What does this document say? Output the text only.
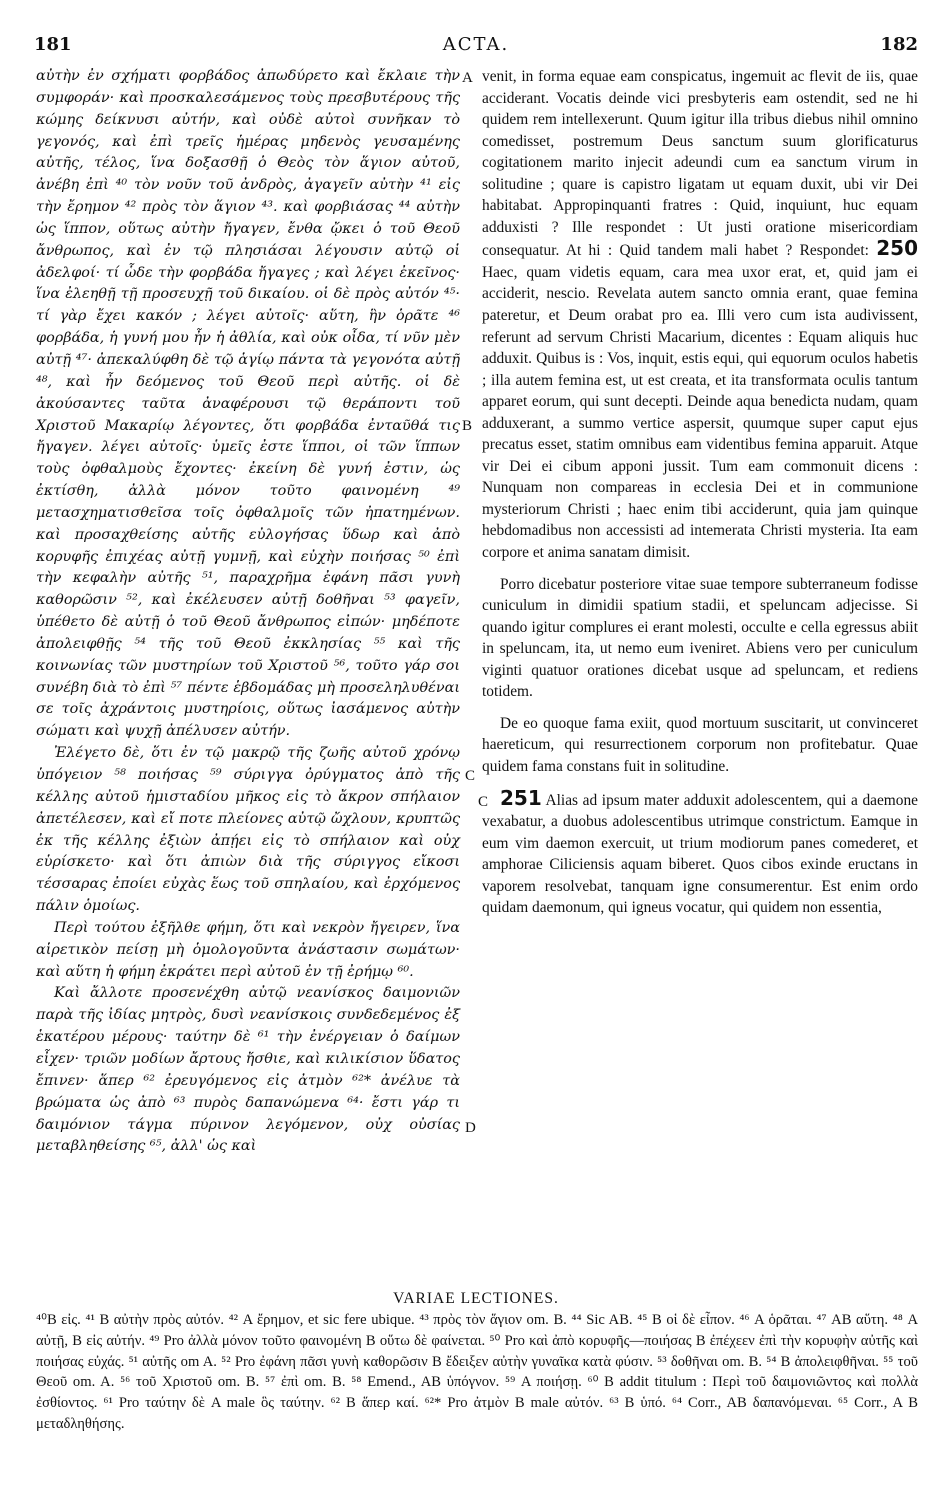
181	ACTA.	182

αὐτὴν ἐν σχήματι φορβάδος ἀπωδύρετο καὶ ἔκλαιε τὴν συμφοράν· καὶ προσκαλεσάμενος τοὺς πρεσβυτέρους τῆς κώμης δείκνυσι αὐτήν, καὶ οὐδὲ αὐτοὶ συνῆκαν τὸ γεγονός, καὶ ἐπὶ τρεῖς ἡμέρας μηδενὸς γευσαμένης αὐτῆς, τέλος, ἵνα δοξασθῇ ὁ Θεὸς τὸν ἅγιον αὐτοῦ, ἀνέβη ἐπὶ ⁴⁰ τὸν νοῦν τοῦ ἀνδρὸς, ἀγαγεῖν αὐτὴν ⁴¹ εἰς τὴν ἔρημον ⁴² πρὸς τὸν ἅγιον ⁴³. καὶ φορβιάσας ⁴⁴ αὐτὴν ὡς ἵππον, οὕτως αὐτὴν ἤγαγεν, ἔνθα ᾤκει ὁ τοῦ Θεοῦ ἄνθρωπος, καὶ ἐν τῷ πλησιάσαι λέγουσιν αὐτῷ οἱ ἀδελφοί· τί ὧδε τὴν φορβάδα ἤγαγες ; καὶ λέγει ἐκεῖνος· ἵνα ἐλεηθῇ τῇ προσευχῇ τοῦ δικαίου. οἱ δὲ πρὸς αὐτόν ⁴⁵· τί γὰρ ἔχει κακόν ; λέγει αὐτοῖς· αὕτη, ἣν ὁρᾶτε ⁴⁶ φορβάδα, ἡ γυνή μου ἦν ἡ ἀθλία, καὶ οὐκ οἶδα, τί νῦν μὲν αὐτῇ ⁴⁷· ἀπεκαλύφθη δὲ τῷ ἁγίῳ πάντα τὰ γεγονότα αὐτῇ ⁴⁸, καὶ ἦν δεόμενος τοῦ Θεοῦ περὶ αὐτῆς. οἱ δὲ ἀκούσαντες ταῦτα ἀναφέρουσι τῷ θεράποντι τοῦ Χριστοῦ Μακαρίῳ λέγοντες, ὅτι φορβάδα ἐνταῦθά τις ἤγαγεν. λέγει αὐτοῖς· ὑμεῖς ἐστε ἵπποι, οἱ τῶν ἵππων τοὺς ὀφθαλμοὺς ἔχοντες· ἐκείνη δὲ γυνή ἐστιν, ὡς ἐκτίσθη, ἀλλὰ μόνον τοῦτο φαινομένη ⁴⁹ μετασχηματισθεῖσα τοῖς ὀφθαλμοῖς τῶν ἠπατημένων. καὶ προσαχθείσης αὐτῆς εὐλογήσας ὕδωρ καὶ ἀπὸ κορυφῆς ἐπιχέας αὐτῇ γυμνῇ, καὶ εὐχὴν ποιήσας ⁵⁰ ἐπὶ τὴν κεφαλὴν αὐτῆς ⁵¹, παραχρῆμα ἐφάνη πᾶσι γυνὴ καθορῶσιν ⁵², καὶ ἐκέλευσεν αὐτῇ δοθῆναι ⁵³ φαγεῖν, ὑπέθετο δὲ αὐτῇ ὁ τοῦ Θεοῦ ἄνθρωπος εἰπών· μηδέποτε ἀπολειφθῇς ⁵⁴ τῆς τοῦ Θεοῦ ἐκκλησίας ⁵⁵ καὶ τῆς κοινωνίας τῶν μυστηρίων τοῦ Χριστοῦ ⁵⁶, τοῦτο γάρ σοι συνέβη διὰ τὸ ἐπὶ ⁵⁷ πέντε ἑβδομάδας μὴ προσεληλυθέναι σε τοῖς ἀχράντοις μυστηρίοις, οὕτως ἰασάμενος αὐτὴν σώματι καὶ ψυχῇ ἀπέλυσεν αὐτήν.

Ἐλέγετο δὲ, ὅτι ἐν τῷ μακρῷ τῆς ζωῆς αὐτοῦ χρόνῳ ὑπόγειον ⁵⁸ ποιήσας ⁵⁹ σύριγγα ὀρύγματος ἀπὸ τῆς κέλλης αὐτοῦ ἡμισταδίου μῆκος εἰς τὸ ἄκρον σπήλαιον ἀπετέλεσεν, καὶ εἴ ποτε πλείονες αὐτῷ ὤχλουν, κρυπτῶς ἐκ τῆς κέλλης ἐξιὼν ἀπῄει εἰς τὸ σπήλαιον καὶ οὐχ εὑρίσκετο· καὶ ὅτι ἀπιὼν διὰ τῆς σύριγγος εἴκοσι τέσσαρας ἐποίει εὐχὰς ἕως τοῦ σπηλαίου, καὶ ἐρχόμενος πάλιν ὁμοίως.

Περὶ τούτου ἐξῆλθε φήμη, ὅτι καὶ νεκρὸν ἤγειρεν, ἵνα αἱρετικὸν πείσῃ μὴ ὁμολογοῦντα ἀνάστασιν σωμάτων· καὶ αὕτη ἡ φήμη ἐκράτει περὶ αὐτοῦ ἐν τῇ ἐρήμῳ ⁶⁰.

Καὶ ἄλλοτε προσενέχθη αὐτῷ νεανίσκος δαιμονιῶν παρὰ τῆς ἰδίας μητρὸς, δυσὶ νεανίσκοις συνδεδεμένος ἐξ ἑκατέρου μέρους· ταύτην δὲ ⁶¹ τὴν ἐνέργειαν ὁ δαίμων εἶχεν· τριῶν μοδίων ἄρτους ἤσθιε, καὶ κιλικίσιον ὕδατος ἔπινεν· ἅπερ ⁶² ἐρευγόμενος εἰς ἀτμὸν ⁶²* ἀνέλυε τὰ βρώματα ὡς ἀπὸ ⁶³ πυρὸς δαπανώμενα ⁶⁴· ἔστι γάρ τι δαιμόνιον τάγμα πύρινον λεγόμενον, οὐχ οὐσίας μεταβληθείσης ⁶⁵, ἀλλ' ὡς καὶ

A
B
C
C
D

venit, in forma equae eam conspicatus, ingemuit ac flevit de iis, quae acciderant. Vocatis deinde vici presbyteris eam ostendit, sed ne hi quidem rem intellexerunt. Quum igitur illa tribus diebus nihil omnino comedisset, postremum Deus sanctum suum glorificaturus cogitationem marito injecit adeundi cum ea sanctum virum in solitudine ; quare is capistro ligatam ut equam duxit, ubi vir Dei habitabat. Appropinquanti fratres : Quid, inquiunt, huc equam adduxisti ? Ille respondet : Ut justi oratione misericordiam consequatur. At hi : Quid tandem mali habet ? Respondet: 250 Haec, quam videtis equam, cara mea uxor erat, et, quid jam ei acciderit, nescio. Revelata autem sancto omnia erant, quae femina pateretur, et Deum orabat pro ea. Illi vero cum ista audivissent, referunt ad servum Christi Macarium, dicentes : Equam aliquis huc adduxit. Quibus is : Vos, inquit, estis equi, qui equorum oculos habetis ; illa autem femina est, ut est creata, et ita transformata oculis tantum apparet eorum, qui sunt decepti. Deinde aqua benedicta nudam, quam adduxerant, a summo vertice aspersit, quumque super caput ejus precatus esset, statim omnibus eam videntibus femina apparuit. Atque vir Dei ei cibum apponi jussit. Tum eam commonuit dicens : Nunquam non compareas in ecclesia Dei et in communione mysteriorum Christi ; haec enim tibi acciderunt, quia jam quinque hebdomadibus non accessisti ad intemerata Christi mysteria. Ita eam corpore et anima sanatam dimisit.

Porro dicebatur posteriore vitae suae tempore subterraneum fodisse cuniculum in dimidii spatium stadii, et speluncam adjecisse. Si quando igitur complures ei erant molesti, occulte e cella egressus abiit in speluncam, ita, ut nemo eum iveniret. Abiens vero per cuniculum viginti quatuor orationes dicebat usque ad speluncam, et rediens totidem.

De eo quoque fama exiit, quod mortuum suscitarit, ut convinceret haereticum, qui resurrectionem corporum non profitebatur. Quae quidem fama constans fuit in solitudine.

251 Alias ad ipsum mater adduxit adolescentem, qui a daemone vexabatur, a duobus adolescentibus utrimque constrictum. Eamque in eum vim daemon exercuit, ut trium modiorum panes comederet, et amphorae Ciliciensis aquam biberet. Quos cibos exinde eructans in vaporem resolvebat, tanquam igne consumerentur. Est enim ordo quidam daemonum, qui igneus vocatur, qui quidem non essentia,

VARIAE LECTIONES.

⁴⁰B εἰς. ⁴¹ B αὐτὴν πρὸς αὐτόν. ⁴² A ἔρημον, et sic fere ubique. ⁴³ πρὸς τὸν ἅγιον om. B. ⁴⁴ Sic AB. ⁴⁵ B οἱ δὲ εἶπον. ⁴⁶ A ὁρᾶται. ⁴⁷ AB αὕτη. ⁴⁸ A αὐτῇ, B εἰς αὐτήν. ⁴⁹ Pro ἀλλὰ μόνον τοῦτο φαινομένη B οὕτω δὲ φαίνεται. ⁵⁰ Pro καὶ ἀπὸ κορυφῆς—ποιήσας B ἐπέχεεν ἐπὶ τὴν κορυφὴν αὐτῆς καὶ ποιήσας εὐχάς. ⁵¹ αὐτῆς om A. ⁵² Pro ἐφάνη πᾶσι γυνὴ καθορῶσιν B ἔδειξεν αὐτὴν γυναῖκα κατὰ φύσιν. ⁵³ δοθῆναι om. B. ⁵⁴ B ἀπολειφθῆναι. ⁵⁵ τοῦ Θεοῦ om. A. ⁵⁶ τοῦ Χριστοῦ om. B. ⁵⁷ ἐπὶ om. B. ⁵⁸ Emend., AB ὑπόγνον. ⁵⁹ A ποιήσῃ. ⁶⁰ B addit titulum : Περὶ τοῦ δαιμονιῶντος καὶ πολλὰ ἐσθίοντος. ⁶¹ Pro ταύτην δὲ A male ὃς ταύτην. ⁶² B ἅπερ καί. ⁶²* Pro ἀτμὸν B male αὐτόν. ⁶³ B ὑπό. ⁶⁴ Corr., AB δαπανόμεναι. ⁶⁵ Corr., A B μεταδληθήσης.
